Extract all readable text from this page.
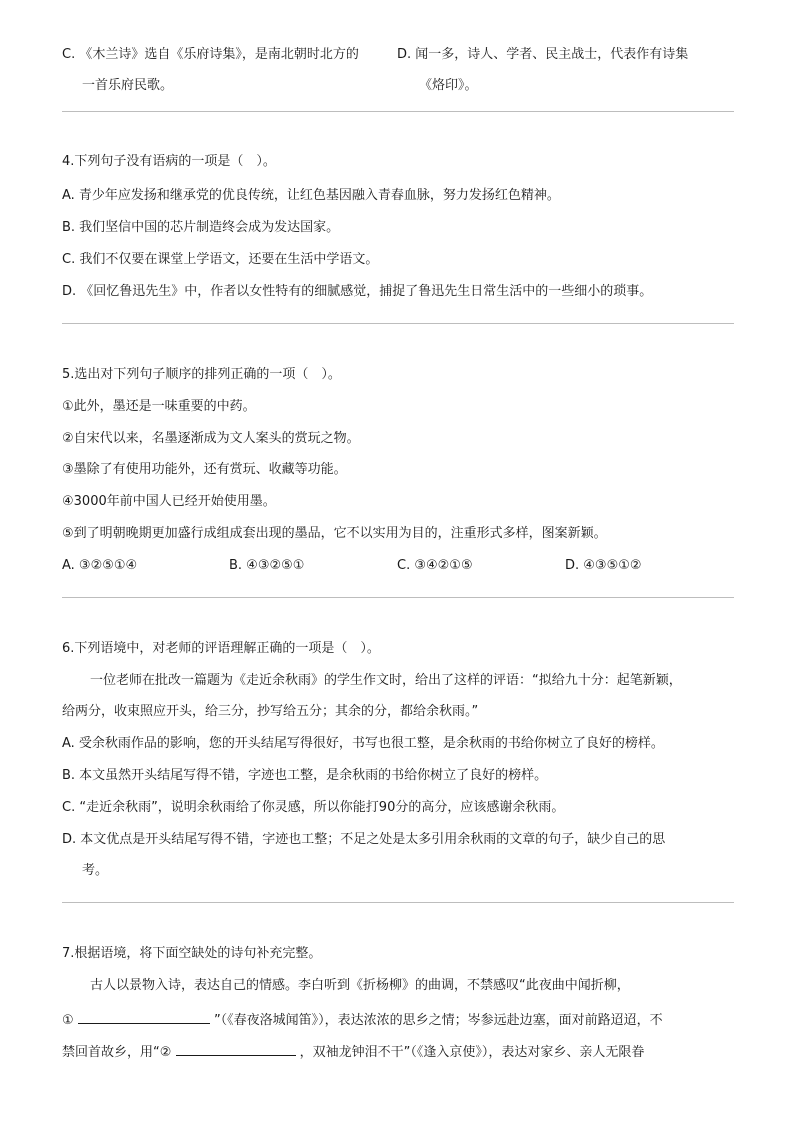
C. 《木兰诗》选自《乐府诗集》，是南北朝时北方的	D. 闻一多，诗人、学者、民主战士，代表作有诗集
一首乐府民歌。	《烙印》。
4.下列句子没有语病的一项是（　）。
A. 青少年应发扬和继承党的优良传统，让红色基因融入青春血脉，努力发扬红色精神。
B. 我们坚信中国的芯片制造终会成为发达国家。
C. 我们不仅要在课堂上学语文，还要在生活中学语文。
D. 《回忆鲁迅先生》中，作者以女性特有的细腻感觉，捕捉了鲁迅先生日常生活中的一些细小的琐事。
5.选出对下列句子顺序的排列正确的一项（　）。
①此外，墨还是一味重要的中药。
②自宋代以来，名墨逐渐成为文人案头的赏玩之物。
③墨除了有使用功能外，还有赏玩、收藏等功能。
④3000年前中国人已经开始使用墨。
⑤到了明朝晚期更加盛行成组成套出现的墨品，它不以实用为目的，注重形式多样，图案新颖。
A. ③②⑤①④	B. ④③②⑤①	C. ③④②①⑤	D. ④③⑤①②
6.下列语境中，对老师的评语理解正确的一项是（　）。
一位老师在批改一篇题为《走近余秋雨》的学生作文时，给出了这样的评语：“拟给九十分：起笔新颖，
给两分，收束照应开头，给三分，抄写给五分；其余的分，都给余秋雨。”
A. 受余秋雨作品的影响，您的开头结尾写得很好，书写也很工整，是余秋雨的书给你树立了良好的榜样。
B. 本文虽然开头结尾写得不错，字迹也工整，是余秋雨的书给你树立了良好的榜样。
C. “走近余秋雨”，说明余秋雨给了你灵感，所以你能打90分的高分，应该感谢余秋雨。
D. 本文优点是开头结尾写得不错，字迹也工整；不足之处是太多引用余秋雨的文章的句子，缺少自己的思
考。
7.根据语境，将下面空缺处的诗句补充完整。
古人以景物入诗，表达自己的情感。李白听到《折杨柳》的曲调，不禁感叹“此夜曲中闻折柳，
①	”（《春夜洛城闻笛》），表达浓浓的思乡之情；岑参远赴边塞，面对前路迢迢，不
禁回首故乡，用“②	，双袖龙钟泪不干”（《逢入京使》），表达对家乡、亲人无限眷
